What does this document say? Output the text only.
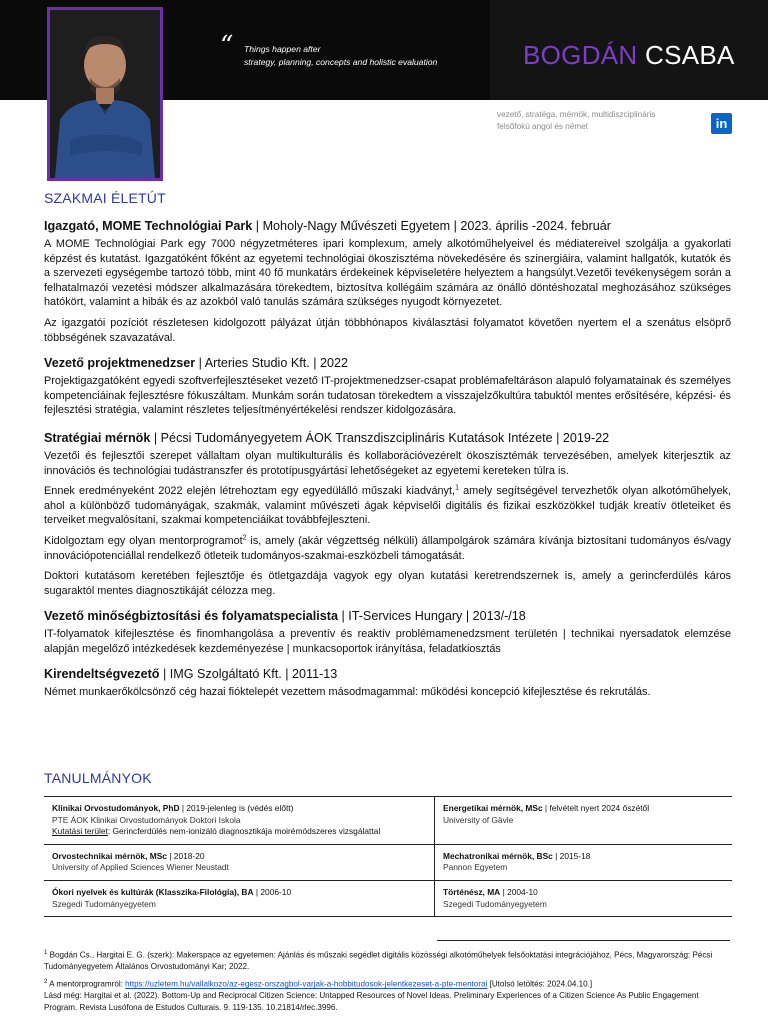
“ Things happen after
strategy, planning, concepts and holistic evaluation	BOGDÁN CSABA
vezető, stratéga, mérnök, multidiszciplináris
felsőfokú angol és német	in
SZAKMAI ÉLETÚT
Igazgató, MOME Technológiai Park | Moholy-Nagy Művészeti Egyetem | 2023. április -2024. február

A MOME Technológiai Park egy 7000 négyzetméteres ipari komplexum, amely alkotóműhelyeivel és médiatereivel szolgálja a gyakorlati képzést és kutatást. Igazgatóként főként az egyetemi technológiai ökoszisztéma növekedésére és szinergiáira, valamint hallgatók, kutatók és a szervezeti egységembe tartozó több, mint 40 fő munkatárs érdekeinek képviseletére helyeztem a hangsúlyt.Vezetői tevékenységem során a felhatalmazói vezetési módszer alkalmazására törekedtem, biztosítva kollégáim számára az önálló döntéshozatal meghozásához szükséges hatókört, valamint a hibák és az azokból való tanulás számára szükséges nyugodt környezetet.

Az igazgatói pozíciót részletesen kidolgozott pályázat útján többhónapos kiválasztási folyamatot követően nyertem el a szenátus elsöprő többségének szavazatával.

Vezető projektmenedzser | Arteries Studio Kft. | 2022

Projektigazgatóként egyedi szoftverfejlesztéseket vezető IT-projektmenedzser-csapat problémafeltáráson alapuló folyamatainak és személyes kompetenciáinak fejlesztésre fókuszáltam. Munkám során tudatosan törekedtem a visszajelzőkultúra tabuktól mentes erősítésére, képzési- és fejlesztési stratégia, valamint részletes teljesítményértékelési rendszer kidolgozására.

Stratégiai mérnök | Pécsi Tudományegyetem ÁOK Transzdiszciplináris Kutatások Intézete | 2019-22

Vezetői és fejlesztői szerepet vállaltam olyan multikulturális és kollaborációvezérelt ökoszisztémák tervezésében, amelyek kiterjesztik az innovációs és technológiai tudástranszfer és prototípusgyártási lehetőségeket az egyetemi kereteken túlra is.

Ennek eredményeként 2022 elején létrehoztam egy egyedülálló műszaki kiadványt,$^1$ amely segítségével tervezhetők olyan alkotóműhelyek, ahol a különböző tudományágak, szakmák, valamint művészeti ágak képviselői digitális és fizikai eszközökkel tudják kreatív ötleteiket és terveiket megvalósítani, szakmai kompetenciáikat továbbfejleszteni.

Kidolgoztam egy olyan mentorprogramot$^2$ is, amely (akár végzettség nélküli) állampolgárok számára kívánja biztosítani tudományos és/vagy innovációpotenciállal rendelkező ötleteik tudományos-szakmai-eszközbeli támogatását.

Doktori kutatásom keretében fejlesztője és ötletgazdája vagyok egy olyan kutatási keretrendszernek is, amely a gerincferdülés káros sugaraktól mentes diagnosztikáját célozza meg.

Vezető minőségbiztosítási és folyamatspecialista | IT-Services Hungary | 2013/-/18

IT-folyamatok kifejlesztése és finomhangolása a preventív és reaktív problémamenedzsment területén | technikai nyersadatok elemzése alapján megelőző intézkedések kezdeményezése | munkacsoportok irányítása, feladatkiosztás

Kirendeltségvezető | IMG Szolgáltató Kft. | 2011-13

Német munkaerőkölcsönző cég hazai fióktelepét vezettem másodmagammal: működési koncepció kifejlesztése és rekrutálás.

TANULMÁNYOK
Klinikai Orvostudományok, PhD | 2019-jelenleg is (védés előtt)
PTE ÁOK Klinikai Orvostudományok Doktori Iskola
Kutatási terület: Gerincferdülés nem-ionizáló diagnosztikája moirémódszeres vizsgálattal
Energetikai mérnök, MSc | felvételt nyert 2024 őszétől
University of Gävle
Orvostechnikai mérnök, MSc | 2018-20
University of Applied Sciences Wiener Neustadt
Mechatronikai mérnök, BSc | 2015-18
Pannon Egyetem
Ókori nyelvek és kultúrák (Klasszika-Filológia), BA | 2006-10
Szegedi Tudományegyetem
Történész, MA | 2004-10
Szegedi Tudományegyetem
$^1$ Bogdán Cs., Hargitai E. G. (szerk): Makerspace az egyetemen: Ajánlás és műszaki segédlet digitális közösségi alkotóműhelyek felsőoktatási integrációjához, Pécs, Magyarország: Pécsi Tudományegyetem Általános Orvostudományi Kar; 2022.
$^2$ A mentorprogramról: https://uzletem.hu/vallalkozo/az-egesz-orszagbol-varjak-a-hobbitudosok-jelentkezeset-a-pte-mentorai [Utolsó letöltés: 2024.04.10.]
Lásd még: Hargitai et al. (2022). Bottom-Up and Reciprocal Citizen Science: Untapped Resources of Novel Ideas. Preliminary Experiences of a Citizen Science As Public Engagement Program. Revista Lusófona de Estudos Culturais. 9. 119-135. 10.21814/rlec.3996.
